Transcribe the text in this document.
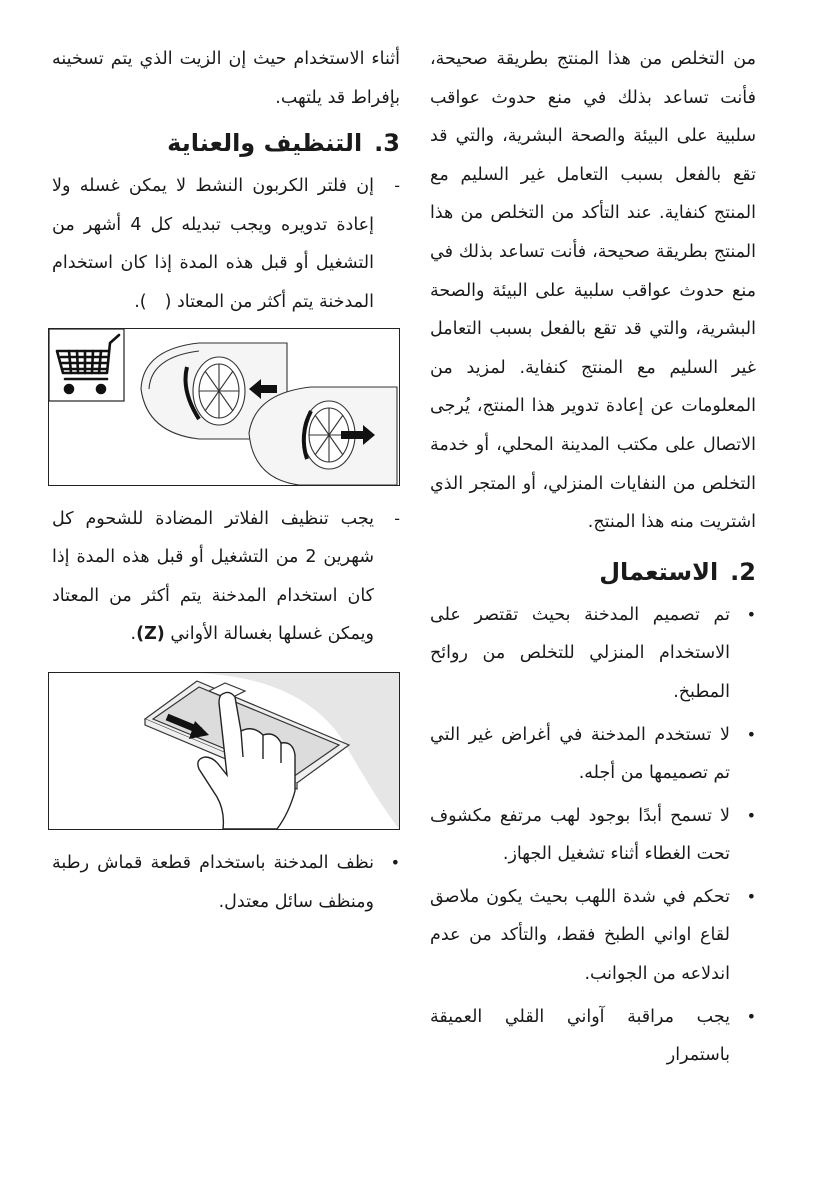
من التخلص من هذا المنتج بطريقة صحيحة، فأنت تساعد بذلك في منع حدوث عواقب سلبية على البيئة والصحة البشرية، والتي قد تقع بالفعل بسبب التعامل غير السليم مع المنتج كنفاية. عند التأكد من التخلص من هذا المنتج بطريقة صحيحة، فأنت تساعد بذلك في منع حدوث عواقب سلبية على البيئة والصحة البشرية، والتي قد تقع بالفعل بسبب التعامل غير السليم مع المنتج كنفاية. لمزيد من المعلومات عن إعادة تدوير هذا المنتج، يُرجى الاتصال على مكتب المدينة المحلي، أو خدمة التخلص من النفايات المنزلي، أو المتجر الذي اشتريت منه هذا المنتج.

2.الاستعمال
•
تم تصميم المدخنة بحيث تقتصر على الاستخدام المنزلي للتخلص من روائح المطبخ.
•
لا تستخدم المدخنة في أغراض غير التي تم تصميمها من أجله.
•
لا تسمح أبدًا بوجود لهب مرتفع مكشوف تحت الغطاء أثناء تشغيل الجهاز.
•
تحكم في شدة اللهب بحيث يكون ملاصق لقاع اواني الطبخ فقط، والتأكد من عدم اندلاعه من الجوانب.
•
يجب مراقبة آواني القلي العميقة باستمرار

أثناء الاستخدام حيث إن الزيت الذي يتم تسخينه بإفراط قد يلتهب.

3.التنظيف والعناية
-
إن فلتر الكربون النشط لا يمكن غسله ولا إعادة تدويره ويجب تبديله كل 4 أشهر من التشغيل أو قبل هذه المدة إذا كان استخدام المدخنة يتم أكثر من المعتاد ().
-
يجب تنظيف الفلاتر المضادة للشحوم كل شهرين 2 من التشغيل أو قبل هذه المدة إذا كان استخدام المدخنة يتم أكثر من المعتاد ويمكن غسلها بغسالة الأواني (Z).
•
نظف المدخنة باستخدام قطعة قماش رطبة ومنظف سائل معتدل.
